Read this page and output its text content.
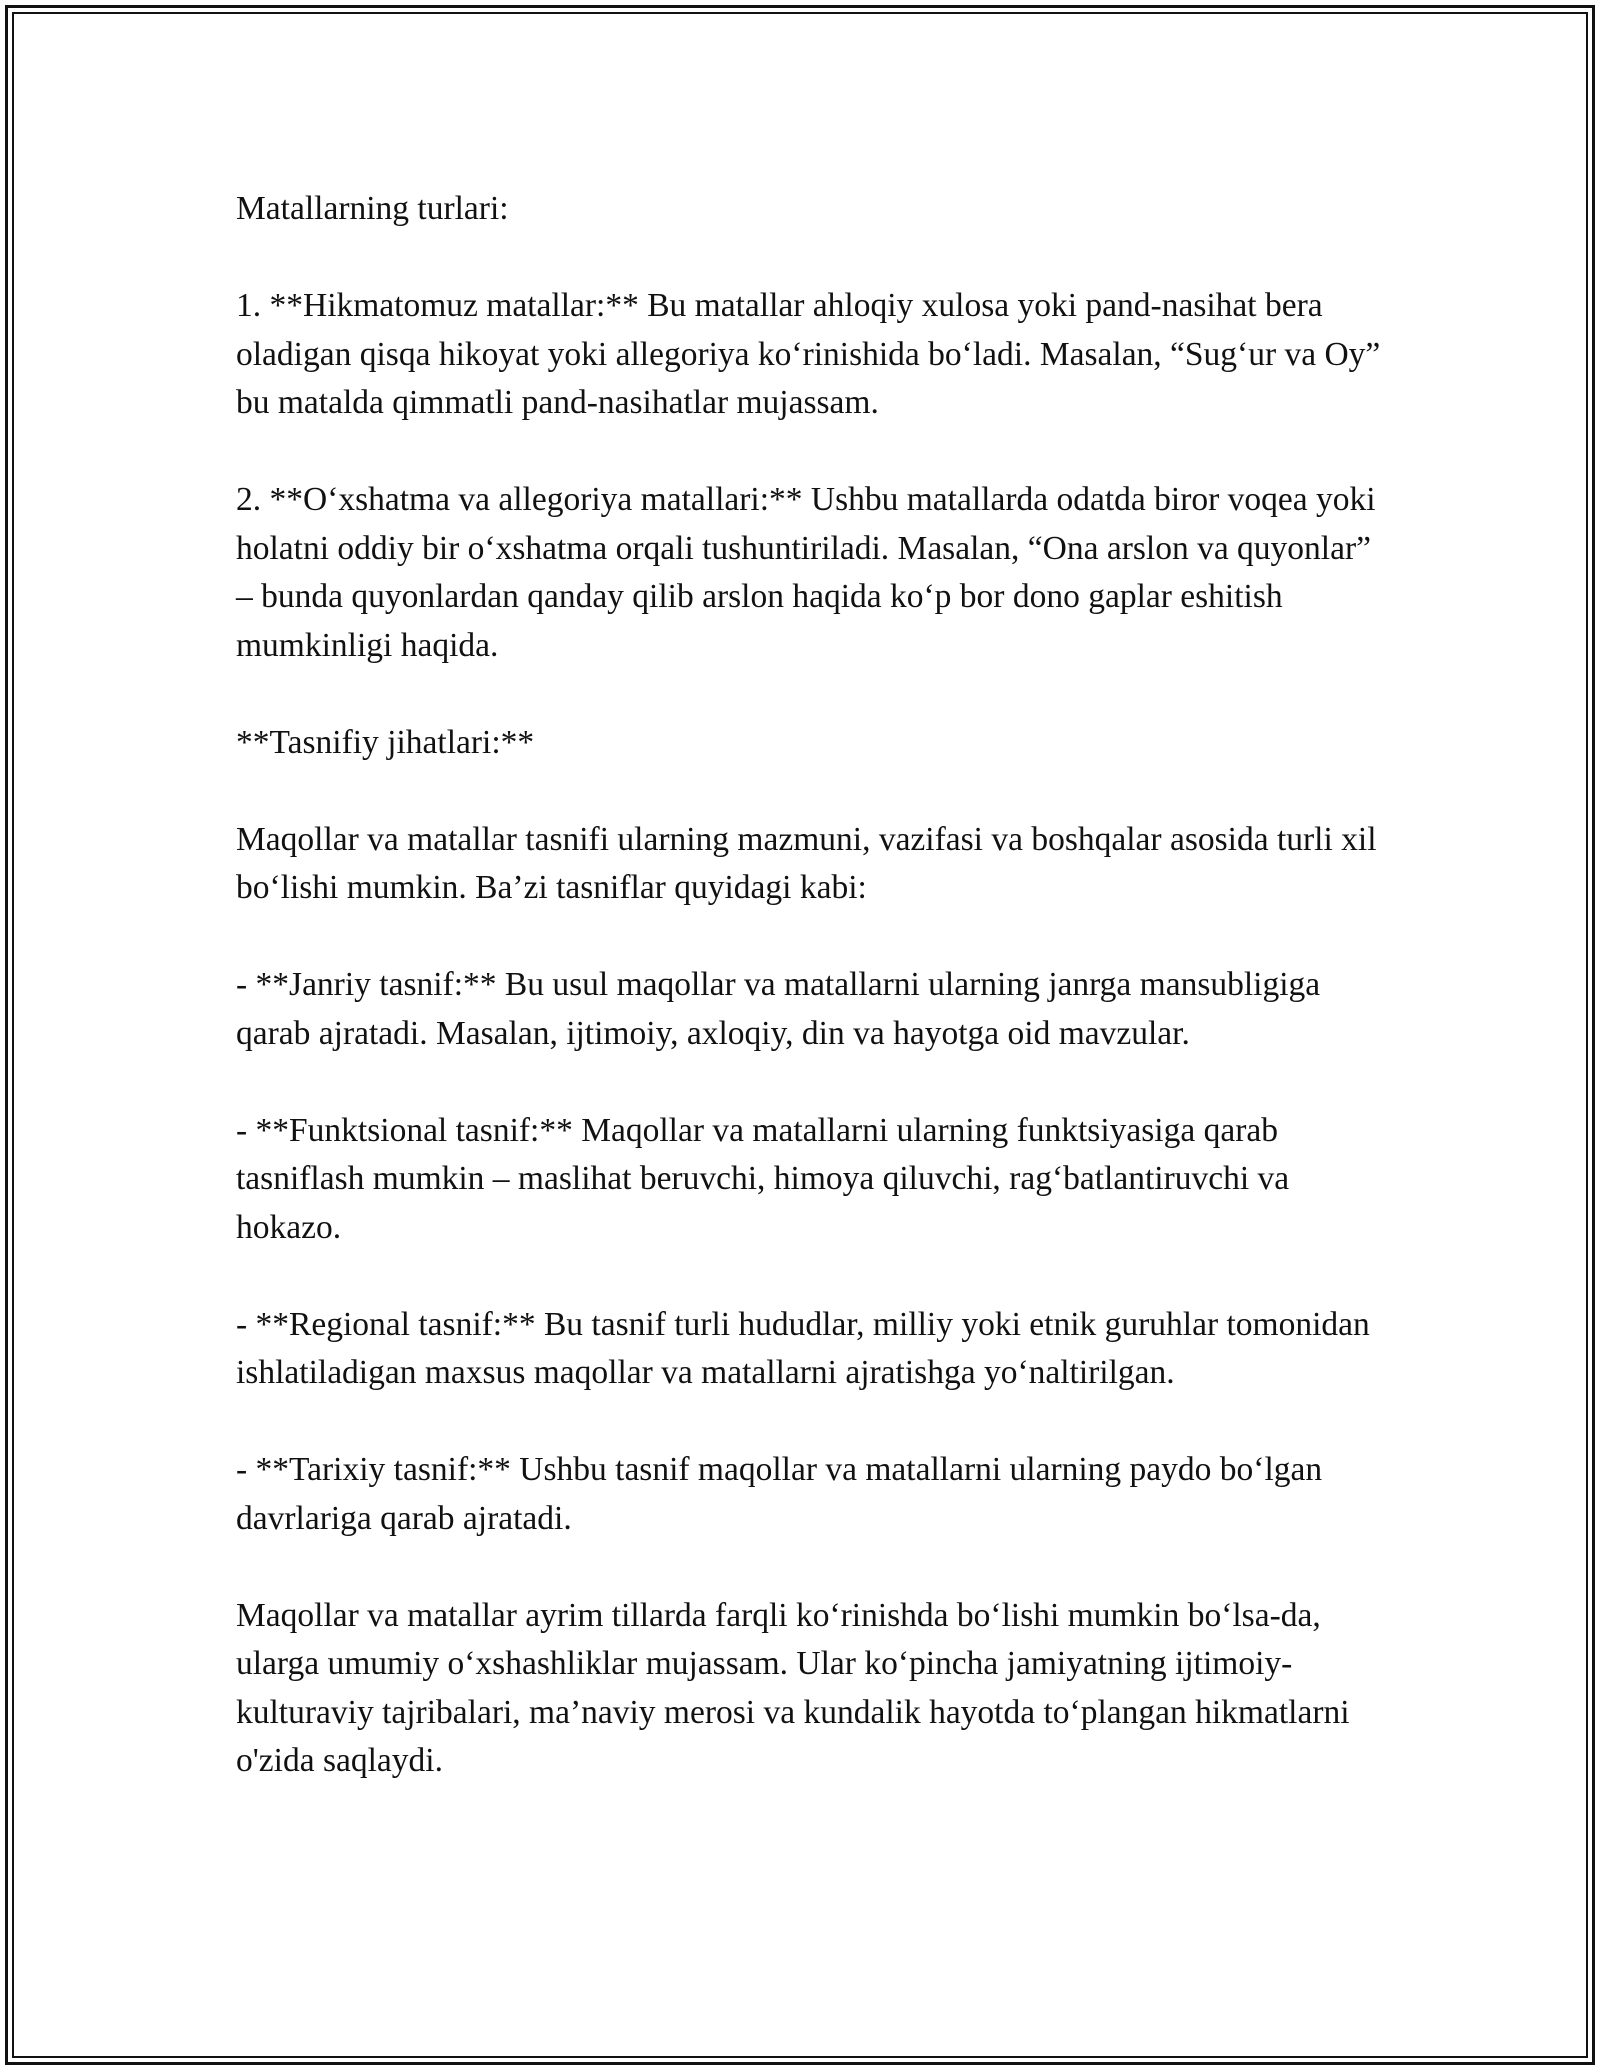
Matallarning turlari:

1. **Hikmatomuz matallar:** Bu matallar ahloqiy xulosa yoki pand-nasihat bera oladigan qisqa hikoyat yoki allegoriya ko‘rinishida bo‘ladi. Masalan, “Sug‘ur va Oy” bu matalda qimmatli pand-nasihatlar mujassam.

2. **O‘xshatma va allegoriya matallari:** Ushbu matallarda odatda biror voqea yoki holatni oddiy bir o‘xshatma orqali tushuntiriladi. Masalan, “Ona arslon va quyonlar” – bunda quyonlardan qanday qilib arslon haqida ko‘p bor dono gaplar eshitish mumkinligi haqida.

**Tasnifiy jihatlari:**

Maqollar va matallar tasnifi ularning mazmuni, vazifasi va boshqalar asosida turli xil bo‘lishi mumkin. Ba’zi tasniflar quyidagi kabi:

- **Janriy tasnif:** Bu usul maqollar va matallarni ularning janrga mansubligiga qarab ajratadi. Masalan, ijtimoiy, axloqiy, din va hayotga oid mavzular.

- **Funktsional tasnif:** Maqollar va matallarni ularning funktsiyasiga qarab tasniflash mumkin – maslihat beruvchi, himoya qiluvchi, rag‘batlantiruvchi va hokazo.

- **Regional tasnif:** Bu tasnif turli hududlar, milliy yoki etnik guruhlar tomonidan ishlatiladigan maxsus maqollar va matallarni ajratishga yo‘naltirilgan.

- **Tarixiy tasnif:** Ushbu tasnif maqollar va matallarni ularning paydo bo‘lgan davrlariga qarab ajratadi.

Maqollar va matallar ayrim tillarda farqli ko‘rinishda bo‘lishi mumkin bo‘lsa-da, ularga umumiy o‘xshashliklar mujassam. Ular ko‘pincha jamiyatning ijtimoiy-kulturaviy tajribalari, ma’naviy merosi va kundalik hayotda to‘plangan hikmatlarni o'zida saqlaydi.
